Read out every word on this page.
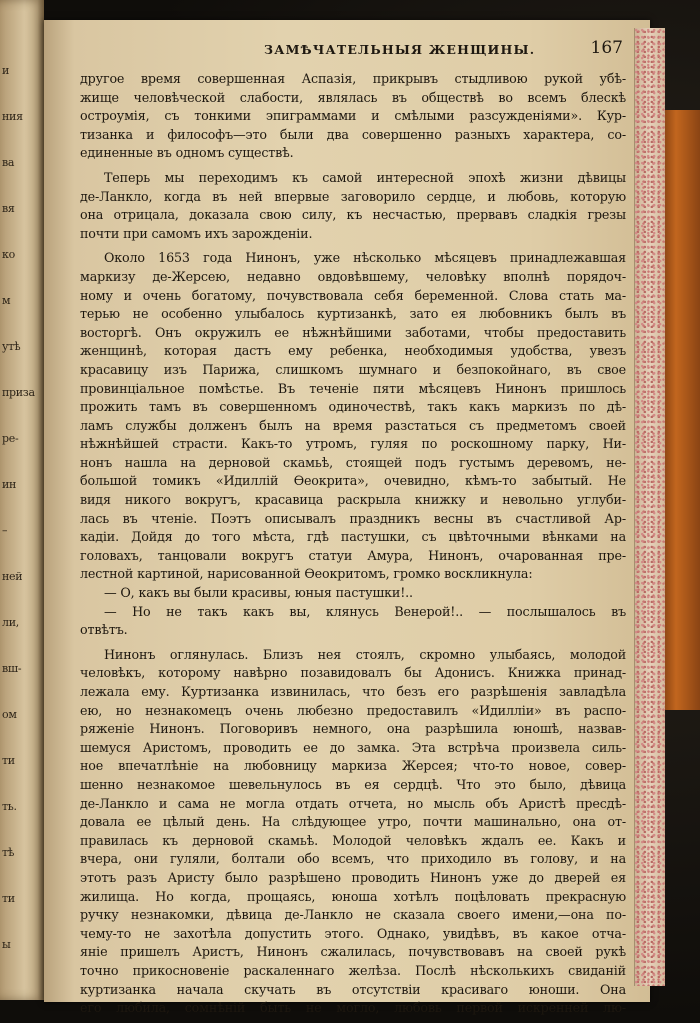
и
ния
ва
вя
ко
м
утѣ
приза
ре-
ин
–
ней
ли,
вш-
ом
ти
ть.
тѣ
ти
ы
ЗАМѢЧАТЕЛЬНЫЯ ЖЕНЩИНЫ.	167
другое время совершенная Аспазія, прикрывъ стыдливою рукой убѣ-
жище человѣческой слабости, являлась въ обществѣ во всемъ блескѣ
остроумія, съ тонкими эпиграммами и смѣлыми разсужденіями». Кур-
тизанка и философъ—это были два совершенно разныхъ характера, со-
единенные въ одномъ существѣ.
Теперь мы переходимъ къ самой интересной эпохѣ жизни дѣвицы
де-Ланкло, когда въ ней впервые заговорило сердце, и любовь, которую
она отрицала, доказала свою силу, къ несчастью, прервавъ сладкія грезы
почти при самомъ ихъ зарожденіи.
Около 1653 года Нинонъ, уже нѣсколько мѣсяцевъ принадлежавшая
маркизу де-Жерсею, недавно овдовѣвшему, человѣку вполнѣ порядоч-
ному и очень богатому, почувствовала себя беременной. Слова стать ма-
терью не особенно улыбалось куртизанкѣ, зато ея любовникъ былъ въ
восторгѣ. Онъ окружилъ ее нѣжнѣйшими заботами, чтобы предоставить
женщинѣ, которая дастъ ему ребенка, необходимыя удобства, увезъ
красавицу изъ Парижа, слишкомъ шумнаго и безпокойнаго, въ свое
провинціальное помѣстье. Въ теченіе пяти мѣсяцевъ Нинонъ пришлось
прожить тамъ въ совершенномъ одиночествѣ, такъ какъ маркизъ по дѣ-
ламъ службы долженъ былъ на время разстаться съ предметомъ своей
нѣжнѣйшей страсти. Какъ-то утромъ, гуляя по роскошному парку, Ни-
нонъ нашла на дерновой скамьѣ, стоящей подъ густымъ деревомъ, не-
большой томикъ «Идиллій Ѳеокрита», очевидно, кѣмъ-то забытый. Не
видя никого вокругъ, красавица раскрыла книжку и невольно углуби-
лась въ чтеніе. Поэтъ описывалъ праздникъ весны въ счастливой Ар-
кадіи. Дойдя до того мѣста, гдѣ пастушки, съ цвѣточными вѣнками на
головахъ, танцовали вокругъ статуи Амура, Нинонъ, очарованная пре-
лестной картиной, нарисованной Ѳеокритомъ, громко воскликнула:
— О, какъ вы были красивы, юныя пастушки!..
— Но не такъ какъ вы, клянусь Венерой!.. — послышалось въ
отвѣтъ.
Нинонъ оглянулась. Близъ нея стоялъ, скромно улыбаясь, молодой
человѣкъ, которому навѣрно позавидовалъ бы Адонисъ. Книжка принад-
лежала ему. Куртизанка извинилась, что безъ его разрѣшенія завладѣла
ею, но незнакомецъ очень любезно предоставилъ «Идилліи» въ распо-
ряженіе Нинонъ. Поговоривъ немного, она разрѣшила юношѣ, назвав-
шемуся Аристомъ, проводить ее до замка. Эта встрѣча произвела силь-
ное впечатлѣніе на любовницу маркиза Жерсея; что-то новое, совер-
шенно незнакомое шевельнулось въ ея сердцѣ. Что это было, дѣвица
де-Ланкло и сама не могла отдать отчета, но мысль объ Аристѣ пресдѣ-
довала ее цѣлый день. На слѣдующее утро, почти машинально, она от-
правилась къ дерновой скамьѣ. Молодой человѣкъ ждалъ ее. Какъ и
вчера, они гуляли, болтали обо всемъ, что приходило въ голову, и на
этотъ разъ Аристу было разрѣшено проводить Нинонъ уже до дверей ея
жилища. Но когда, прощаясь, юноша хотѣлъ поцѣловать прекрасную
ручку незнакомки, дѣвица де-Ланкло не сказала своего имени,—она по-
чему-то не захотѣла допустить этого. Однако, увидѣвъ, въ какое отча-
яніе пришелъ Аристъ, Нинонъ сжалилась, почувствовавъ на своей рукѣ
точно прикосновеніе раскаленнаго желѣза. Послѣ нѣсколькихъ свиданій
куртизанка начала скучать въ отсутствіи красиваго юноши. Она
его любила, сомнѣній быть не могло, любовь первой искренней лю-
